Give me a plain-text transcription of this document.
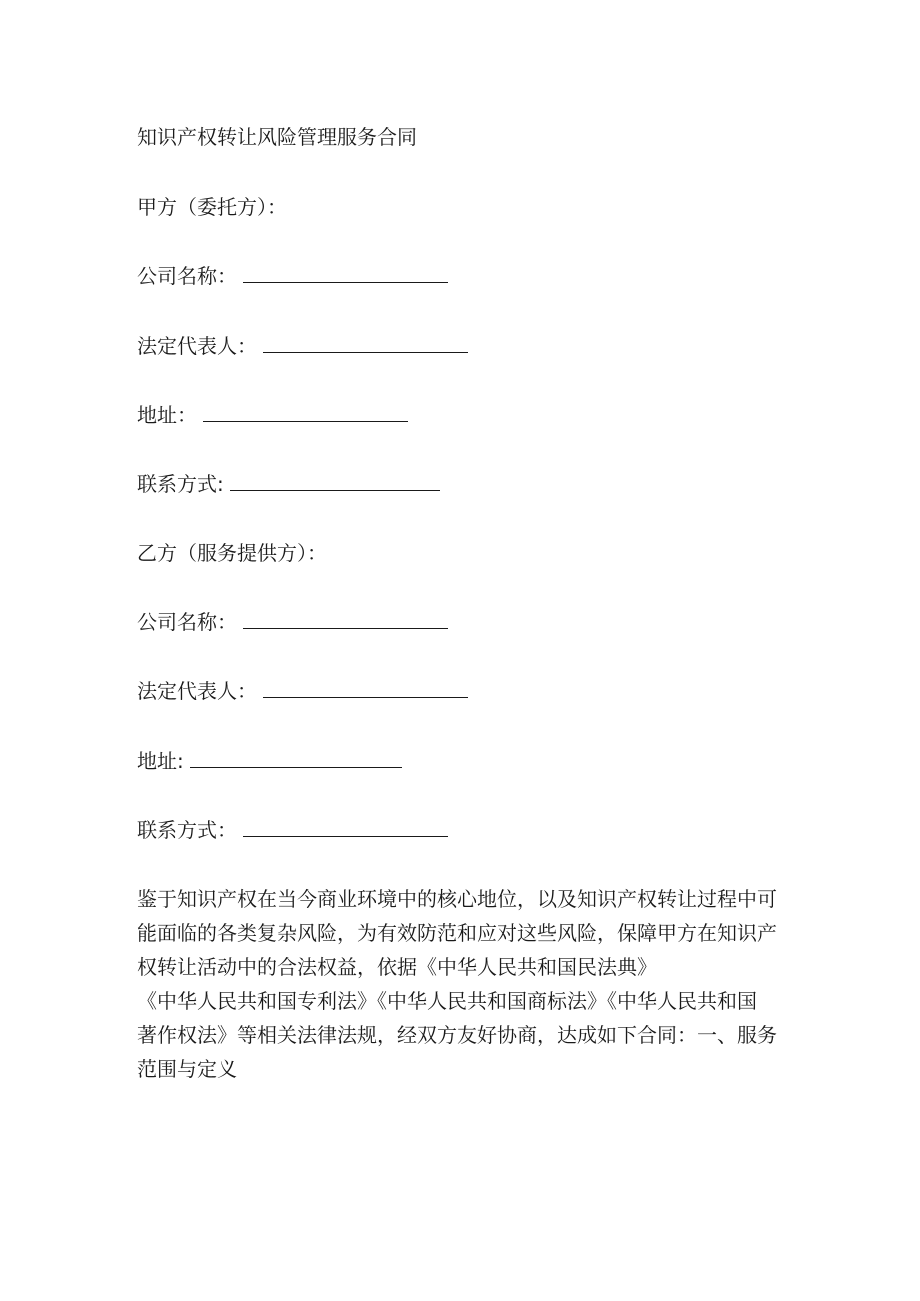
知识产权转让风险管理服务合同
甲方（委托方）：
公司名称：
法定代表人：
地址：
联系方式:
乙方（服务提供方）：
公司名称：
法定代表人：
地址:
联系方式：

鉴于知识产权在当今商业环境中的核心地位，以及知识产权转让过程中可

能面临的各类复杂风险，为有效防范和应对这些风险，保障甲方在知识产

权转让活动中的合法权益，依据《中华人民共和国民法典》

《中华人民共和国专利法》《中华人民共和国商标法》《中华人民共和国

著作权法》等相关法律法规，经双方友好协商，达成如下合同：一、服务

范围与定义
